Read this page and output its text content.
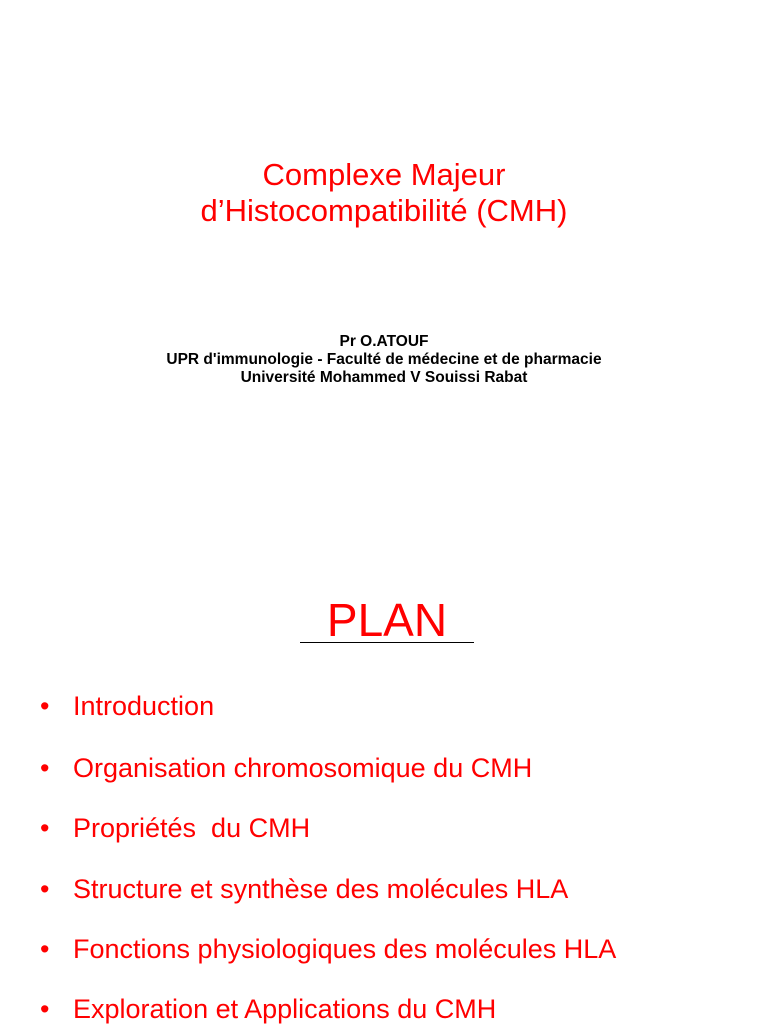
Complexe Majeur
d’Histocompatibilité (CMH)
Pr O.ATOUF
UPR d'immunologie - Faculté de médecine et de pharmacie
Université Mohammed V Souissi Rabat
PLAN
• Introduction
• Organisation chromosomique du CMH
• Propriétés  du CMH
• Structure et synthèse des molécules HLA
• Fonctions physiologiques des molécules HLA
• Exploration et Applications du CMH
